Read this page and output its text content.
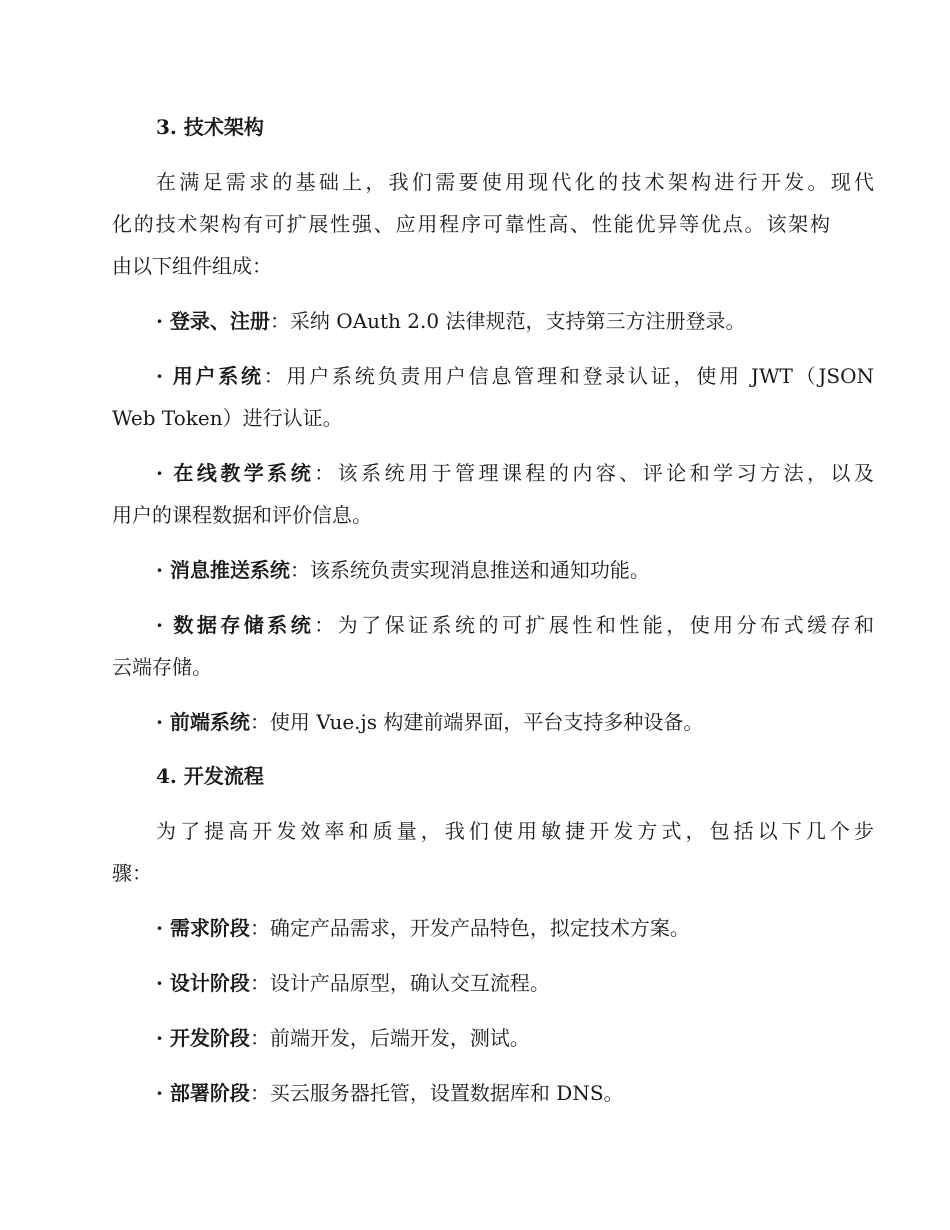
3. 技术架构
在满足需求的基础上，我们需要使用现代化的技术架构进行开发。现代
化的技术架构有可扩展性强、应用程序可靠性高、性能优异等优点。该架构
由以下组件组成：
· 登录、注册：采纳 OAuth 2.0 法律规范，支持第三方注册登录。
· 用户系统：用户系统负责用户信息管理和登录认证，使用 JWT（JSON
Web Token）进行认证。
· 在线教学系统：该系统用于管理课程的内容、评论和学习方法，以及
用户的课程数据和评价信息。
· 消息推送系统：该系统负责实现消息推送和通知功能。
· 数据存储系统：为了保证系统的可扩展性和性能，使用分布式缓存和
云端存储。
· 前端系统：使用 Vue.js 构建前端界面，平台支持多种设备。
4. 开发流程
为了提高开发效率和质量，我们使用敏捷开发方式，包括以下几个步
骤：
· 需求阶段：确定产品需求，开发产品特色，拟定技术方案。
· 设计阶段：设计产品原型，确认交互流程。
· 开发阶段：前端开发，后端开发，测试。
· 部署阶段：买云服务器托管，设置数据库和 DNS。
